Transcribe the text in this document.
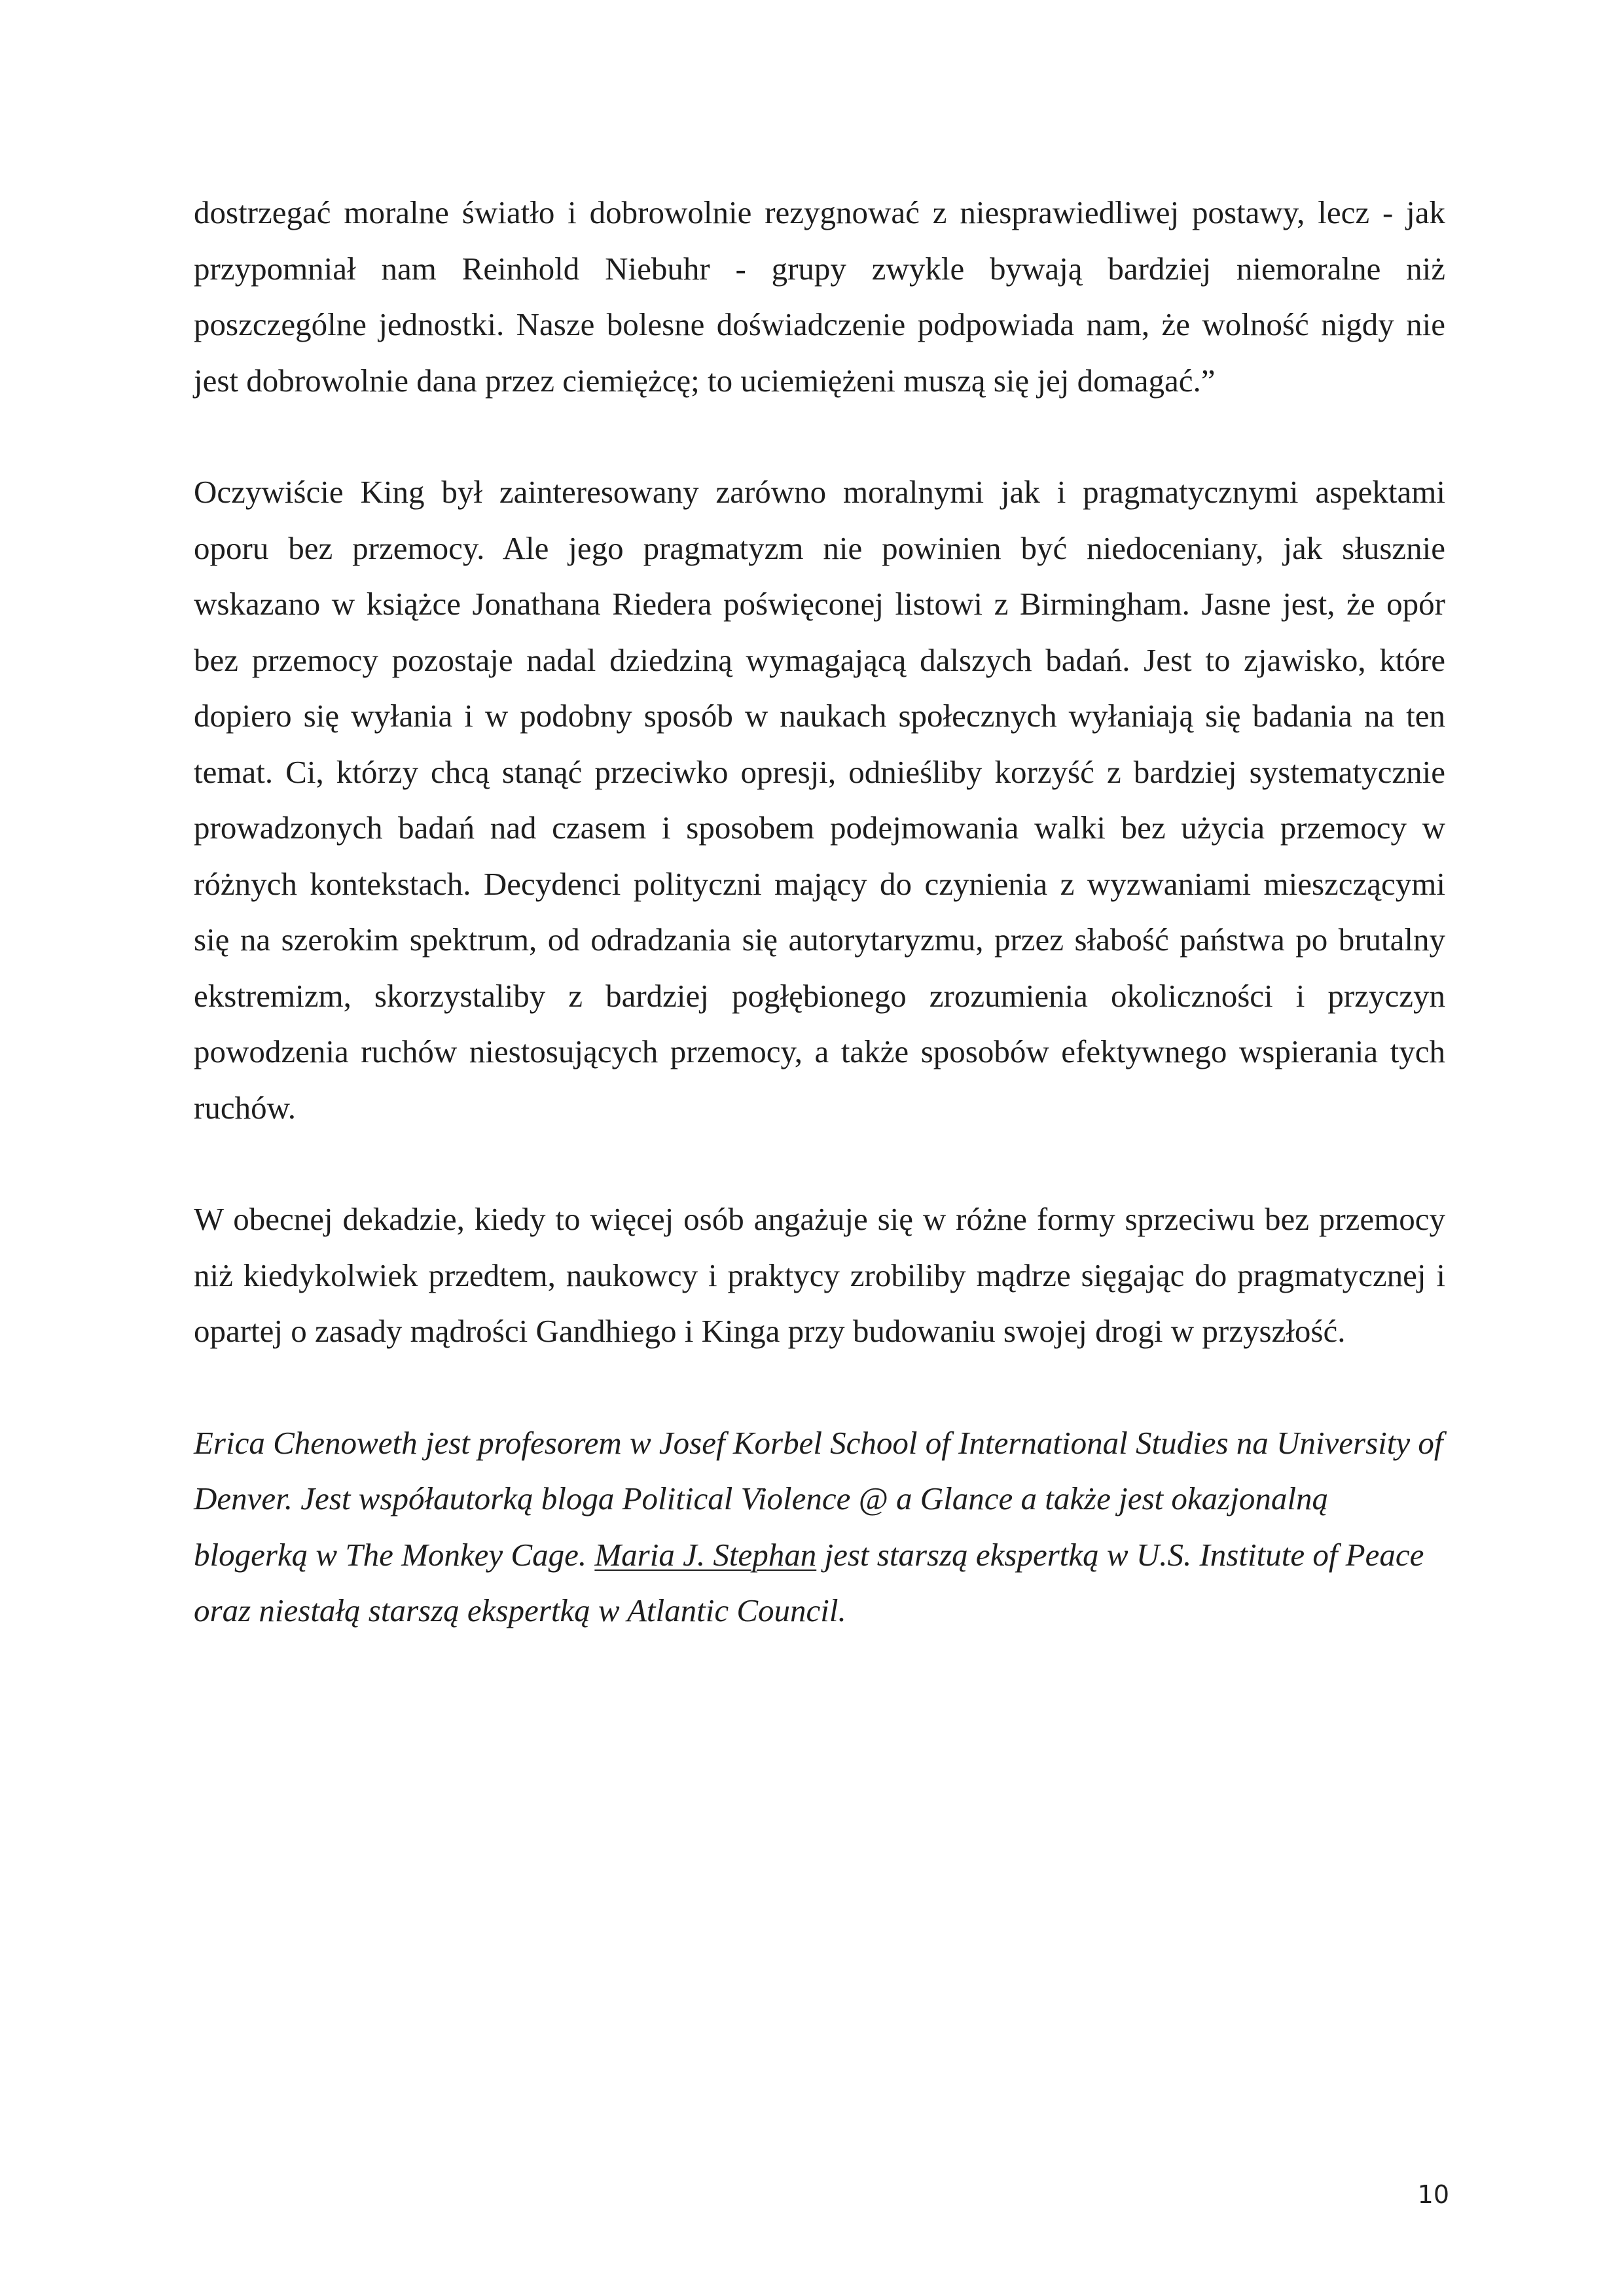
dostrzegać moralne światło i dobrowolnie rezygnować z niesprawiedliwej postawy, lecz - jak przypomniał nam Reinhold Niebuhr - grupy zwykle bywają bardziej niemoralne niż poszczególne jednostki. Nasze bolesne doświadczenie podpowiada nam, że wolność nigdy nie jest dobrowolnie dana przez ciemiężcę; to uciemiężeni muszą się jej domagać.”

Oczywiście King był zainteresowany zarówno moralnymi jak i pragmatycznymi aspektami oporu bez przemocy. Ale jego pragmatyzm nie powinien być niedoceniany, jak słusznie wskazano w książce Jonathana Riedera poświęconej listowi z Birmingham. Jasne jest, że opór bez przemocy pozostaje nadal dziedziną wymagającą dalszych badań. Jest to zjawisko, które dopiero się wyłania i w podobny sposób w naukach społecznych wyłaniają się badania na ten temat. Ci, którzy chcą stanąć przeciwko opresji, odnieśliby korzyść z bardziej systematycznie prowadzonych badań nad czasem i sposobem podejmowania walki bez użycia przemocy w różnych kontekstach. Decydenci polityczni mający do czynienia z wyzwaniami mieszczącymi się na szerokim spektrum, od odradzania się autorytaryzmu, przez słabość państwa po brutalny ekstremizm, skorzystaliby z bardziej pogłębionego zrozumienia okoliczności i przyczyn powodzenia ruchów niestosujących przemocy, a także sposobów efektywnego wspierania tych ruchów.

W obecnej dekadzie, kiedy to więcej osób angażuje się w różne formy sprzeciwu bez przemocy niż kiedykolwiek przedtem, naukowcy i praktycy zrobiliby mądrze sięgając do pragmatycznej i opartej o zasady mądrości Gandhiego i Kinga przy budowaniu swojej drogi w przyszłość.

Erica Chenoweth jest profesorem w Josef Korbel School of International Studies na University of Denver. Jest współautorką bloga Political Violence @ a Glance a także jest okazjonalną blogerką w The Monkey Cage. Maria J. Stephan jest starszą ekspertką w U.S. Institute of Peace oraz niestałą starszą ekspertką w Atlantic Council.

10
